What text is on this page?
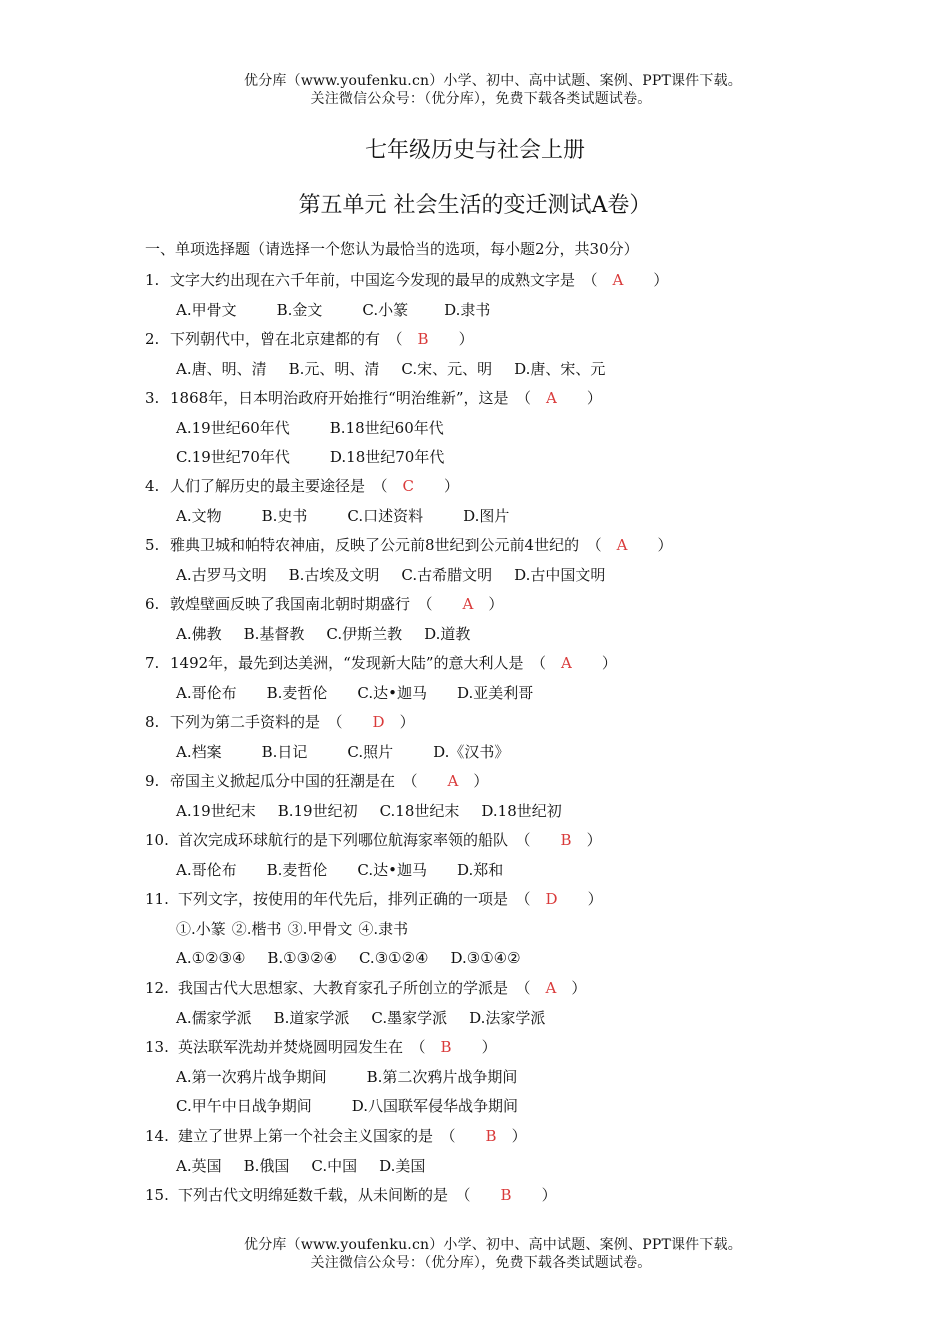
优分库（www.youfenku.cn）小学、初中、高中试题、案例、PPT课件下载。
关注微信公众号：（优分库），免费下载各类试题试卷。
七年级历史与社会上册
第五单元 社会生活的变迁测试A卷）
一、单项选择题（请选择一个您认为最恰当的选项，每小题2分，共30分）
1. 文字大约出现在六千年前，中国迄今发现的最早的成熟文字是　（　A　　）
A.甲骨文	B.金文	C.小篆 D.隶书
2. 下列朝代中，曾在北京建都的有　（　B　　）
A.唐、明、清 B.元、明、清 C.宋、元、明 D.唐、宋、元
3. 1868年，日本明治政府开始推行“明治维新”，这是　（　A　　）
A.19世纪60年代	B.18世纪60年代
C.19世纪70年代	D.18世纪70年代
4. 人们了解历史的最主要途径是　（　C　　）
A.文物	B.史书	C.口述资料	D.图片
5. 雅典卫城和帕特农神庙，反映了公元前8世纪到公元前4世纪的　（　A　　）
A.古罗马文明 B.古埃及文明 C.古希腊文明 D.古中国文明
6. 敦煌壁画反映了我国南北朝时期盛行　（　　A　）
A.佛教 B.基督教 C.伊斯兰教 D.道教
7. 1492年，最先到达美洲，“发现新大陆”的意大利人是　（　A　　）
A.哥伦布 B.麦哲伦 C.达•迦马 D.亚美利哥
8. 下列为第二手资料的是　（　　D　）
A.档案	B.日记	C.照片	D.《汉书》
9. 帝国主义掀起瓜分中国的狂潮是在　（　　A　）
A.19世纪末 B.19世纪初 C.18世纪末 D.18世纪初
10. 首次完成环球航行的是下列哪位航海家率领的船队　（　　B　）
A.哥伦布 B.麦哲伦 C.达•迦马 D.郑和
11. 下列文字，按使用的年代先后，排列正确的一项是　（　D　　）
①.小篆 ②.楷书 ③.甲骨文 ④.隶书
A.①②③④ B.①③②④ C.③①②④ D.③①④②
12. 我国古代大思想家、大教育家孔子所创立的学派是　（　A　）
A.儒家学派 B.道家学派 C.墨家学派 D.法家学派
13. 英法联军洗劫并焚烧圆明园发生在　（　B　　）
A.第一次鸦片战争期间	B.第二次鸦片战争期间
C.甲午中日战争期间	D.八国联军侵华战争期间
14. 建立了世界上第一个社会主义国家的是　（　　B　）
A.英国 B.俄国 C.中国 D.美国
15. 下列古代文明绵延数千载，从未间断的是　（　　B　　）
优分库（www.youfenku.cn）小学、初中、高中试题、案例、PPT课件下载。
关注微信公众号：（优分库），免费下载各类试题试卷。
